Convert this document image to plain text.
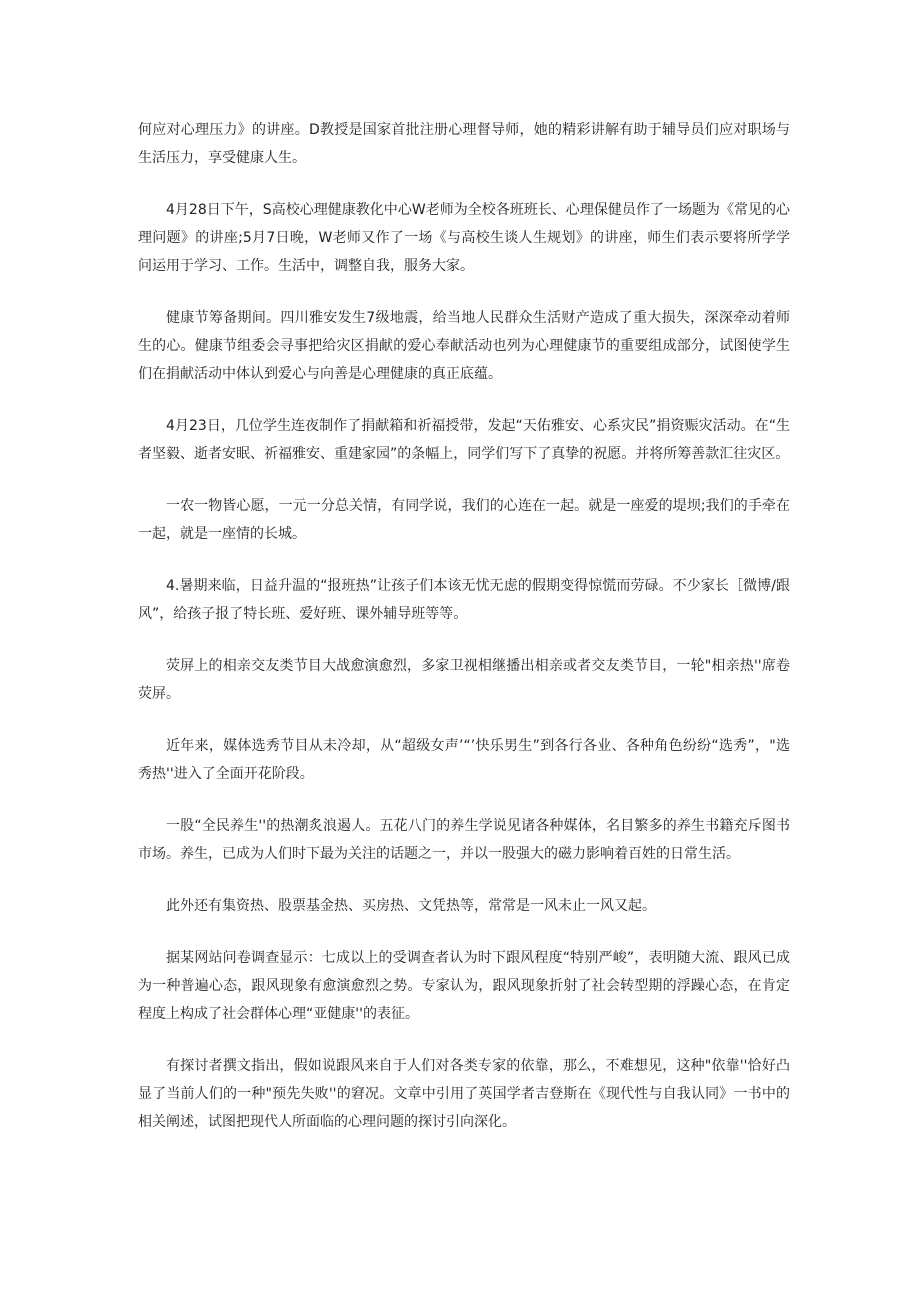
何应对心理压力》的讲座。D教授是国家首批注册心理督导师，她的精彩讲解有助于辅导员们应对职场与生活压力，享受健康人生。

4月28日下午，S高校心理健康教化中心W老师为全校各班班长、心理保健员作了一场题为《常见的心理问题》的讲座;5月7日晚，W老师又作了一场《与高校生谈人生规划》的讲座，师生们表示要将所学学问运用于学习、工作。生活中，调整自我，服务大家。

健康节筹备期间。四川雅安发生7级地震，给当地人民群众生活财产造成了重大损失，深深牵动着师生的心。健康节组委会寻事把给灾区捐献的爱心奉献活动也列为心理健康节的重要组成部分，试图使学生们在捐献活动中体认到爱心与向善是心理健康的真正底蕴。

4月23日，几位学生连夜制作了捐献箱和祈福授带，发起“天佑雅安、心系灾民”捐资赈灾活动。在“生者坚毅、逝者安眠、祈福雅安、重建家园”的条幅上，同学们写下了真挚的祝愿。并将所筹善款汇往灾区。

一农一物皆心愿，一元一分总关情，有同学说，我们的心连在一起。就是一座爱的堤坝;我们的手牵在一起，就是一座情的长城。

4.暑期来临，日益升温的“报班热”让孩子们本该无忧无虑的假期变得惊慌而劳碌。不少家长［微博/跟风”，给孩子报了特长班、爱好班、课外辅导班等等。

荧屏上的相亲交友类节目大战愈演愈烈，多家卫视相继播出相亲或者交友类节目，一轮"相亲热''席卷荧屏。

近年来，媒体选秀节目从未冷却，从“超级女声’“’快乐男生”到各行各业、各种角色纷纷“选秀”，"选秀热''进入了全面开花阶段。

一股“全民养生''的热潮炙浪遏人。五花八门的养生学说见诸各种媒体，名目繁多的养生书籍充斥图书市场。养生，已成为人们时下最为关注的话题之一，并以一股强大的磁力影响着百姓的日常生活。

此外还有集资热、股票基金热、买房热、文凭热等，常常是一风未止一风又起。

据某网站问卷调查显示：七成以上的受调查者认为时下跟风程度“特别严峻”，表明随大流、跟风已成为一种普遍心态，跟风现象有愈演愈烈之势。专家认为，跟风现象折射了社会转型期的浮躁心态，在肯定程度上构成了社会群体心理“亚健康''的表征。

有探讨者撰文指出，假如说跟风来自于人们对各类专家的依靠，那么，不难想见，这种"依靠''恰好凸显了当前人们的一种"预先失败''的窘况。文章中引用了英国学者吉登斯在《现代性与自我认同》一书中的相关阐述，试图把现代人所面临的心理问题的探讨引向深化。
